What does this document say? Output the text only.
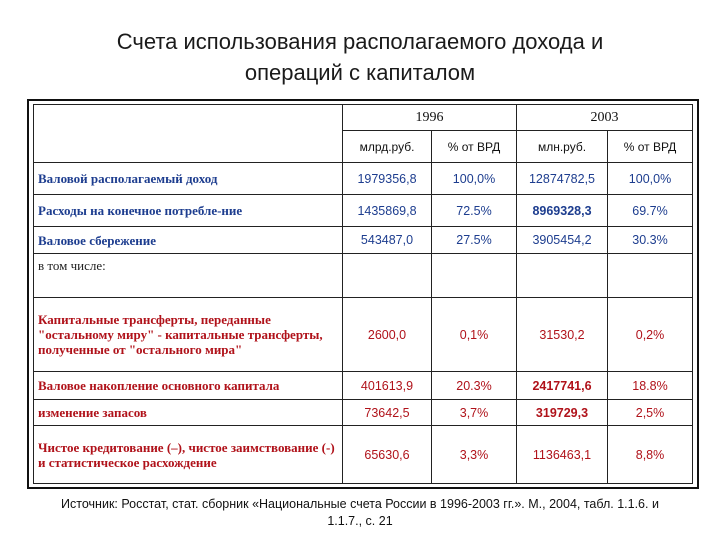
Счета использования располагаемого дохода и
операций с капиталом
. .
	1996		2003	
	млрд.руб.	% от ВРД	млн.руб.	% от ВРД
Валовой располагаемый доход	1979356,8	100,0%	12874782,5	100,0%
Расходы на конечное потребле-ние	1435869,8	72.5%	8969328,3	69.7%
Валовое сбережение	543487,0	27.5%	3905454,2	30.3%
в том числе:				
Капитальные трансферты, переданные "остальному миру" - капитальные трансферты, полученные от "остального мира"	2600,0	0,1%	31530,2	0,2%
Валовое накопление основного капитала	401613,9	20.3%	2417741,6	18.8%
изменение запасов	73642,5	3,7%	319729,3	2,5%
Чистое кредитование (–), чистое заимствование (-) и статистическое расхождение	65630,6	3,3%	1136463,1	8,8%
Источник: Росстат, стат. сборник «Национальные счета России в 1996-2003 гг.». М., 2004, табл. 1.1.6. и
1.1.7., с. 21
